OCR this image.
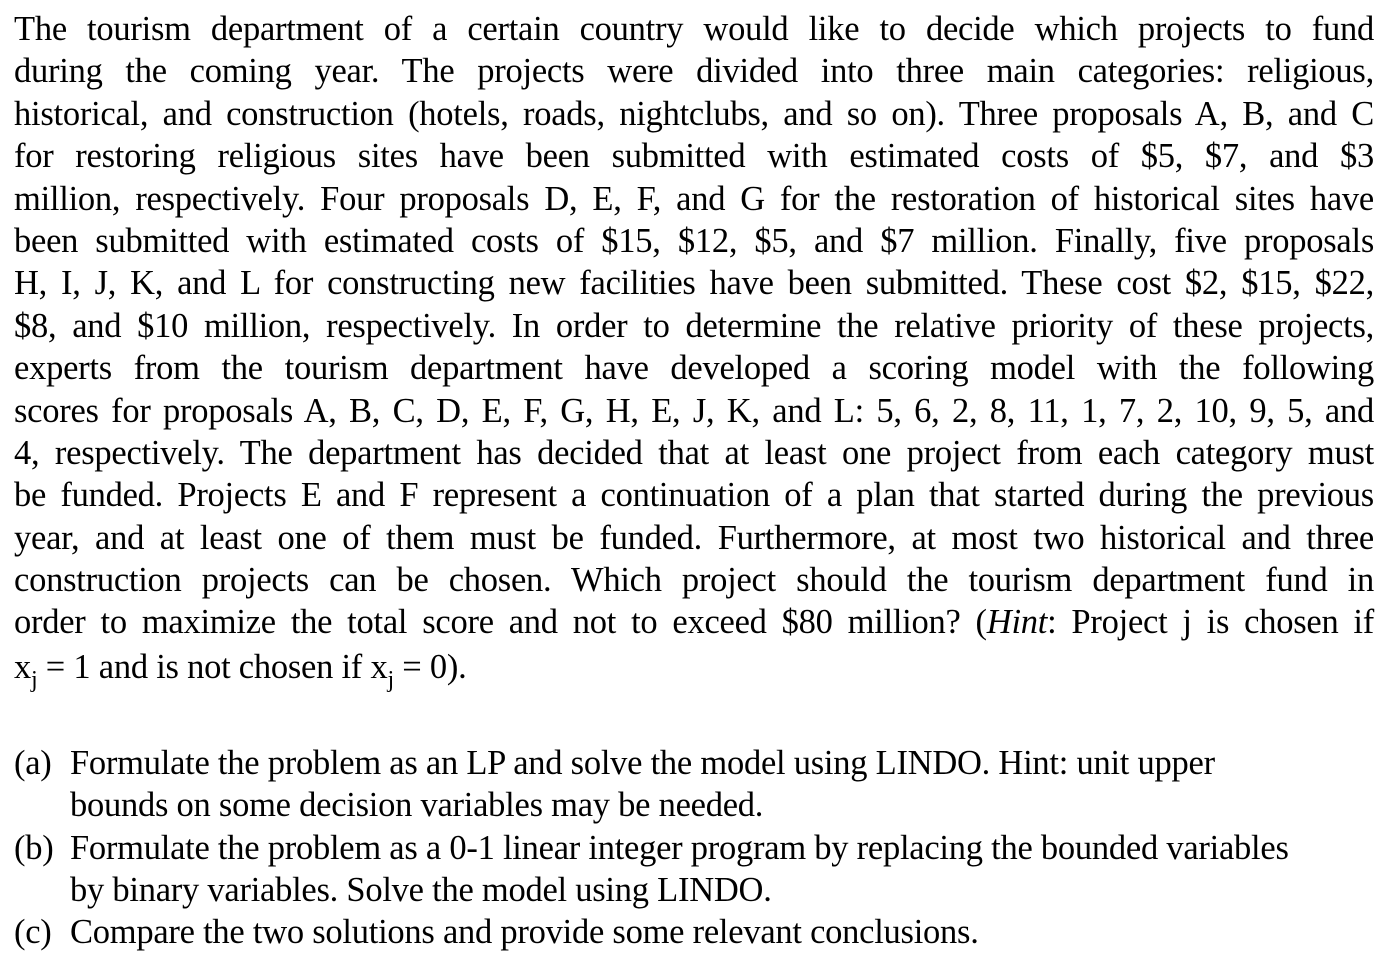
The tourism department of a certain country would like to decide which projects to fund
during the coming year. The projects were divided into three main categories: religious,
historical, and construction (hotels, roads, nightclubs, and so on). Three proposals A, B, and C
for restoring religious sites have been submitted with estimated costs of $5, $7, and $3
million, respectively. Four proposals D, E, F, and G for the restoration of historical sites have
been submitted with estimated costs of $15, $12, $5, and $7 million. Finally, five proposals
H, I, J, K, and L for constructing new facilities have been submitted. These cost $2, $15, $22,
$8, and $10 million, respectively. In order to determine the relative priority of these projects,
experts from the tourism department have developed a scoring model with the following
scores for proposals A, B, C, D, E, F, G, H, E, J, K, and L: 5, 6, 2, 8, 11, 1, 7, 2, 10, 9, 5, and
4, respectively. The department has decided that at least one project from each category must
be funded. Projects E and F represent a continuation of a plan that started during the previous
year, and at least one of them must be funded. Furthermore, at most two historical and three
construction projects can be chosen. Which project should the tourism department fund in
order to maximize the total score and not to exceed $80 million? (Hint: Project j is chosen if
$x_j = 1$ and is not chosen if $x_j = 0$).
(a) Formulate the problem as an LP and solve the model using LINDO. Hint: unit upper
bounds on some decision variables may be needed.
(b) Formulate the problem as a 0-1 linear integer program by replacing the bounded variables
by binary variables. Solve the model using LINDO.
(c) Compare the two solutions and provide some relevant conclusions.
